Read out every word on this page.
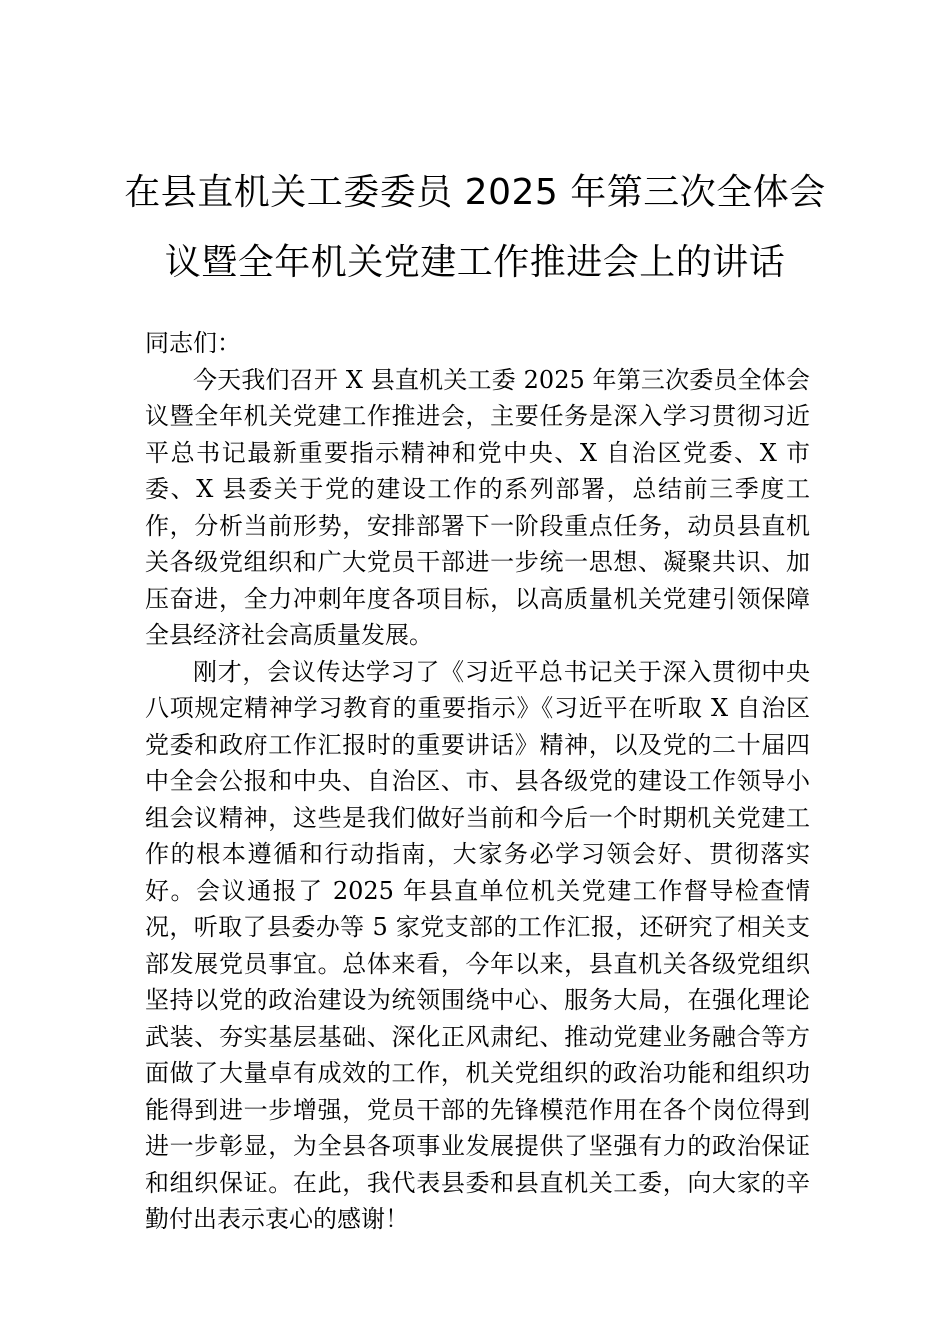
在县直机关工委委员 2025 年第三次全体会
议暨全年机关党建工作推进会上的讲话

同志们：

今天我们召开 X 县直机关工委 2025 年第三次委员全体会议暨全年机关党建工作推进会，主要任务是深入学习贯彻习近平总书记最新重要指示精神和党中央、X 自治区党委、X 市委、X 县委关于党的建设工作的系列部署，总结前三季度工作，分析当前形势，安排部署下一阶段重点任务，动员县直机关各级党组织和广大党员干部进一步统一思想、凝聚共识、加压奋进，全力冲刺年度各项目标，以高质量机关党建引领保障全县经济社会高质量发展。

刚才，会议传达学习了《习近平总书记关于深入贯彻中央八项规定精神学习教育的重要指示》《习近平在听取 X 自治区党委和政府工作汇报时的重要讲话》精神，以及党的二十届四中全会公报和中央、自治区、市、县各级党的建设工作领导小组会议精神，这些是我们做好当前和今后一个时期机关党建工作的根本遵循和行动指南，大家务必学习领会好、贯彻落实好。会议通报了 2025 年县直单位机关党建工作督导检查情况，听取了县委办等 5 家党支部的工作汇报，还研究了相关支部发展党员事宜。总体来看，今年以来，县直机关各级党组织坚持以党的政治建设为统领围绕中心、服务大局，在强化理论武装、夯实基层基础、深化正风肃纪、推动党建业务融合等方面做了大量卓有成效的工作，机关党组织的政治功能和组织功能得到进一步增强，党员干部的先锋模范作用在各个岗位得到进一步彰显，为全县各项事业发展提供了坚强有力的政治保证和组织保证。在此，我代表县委和县直机关工委，向大家的辛勤付出表示衷心的感谢！
